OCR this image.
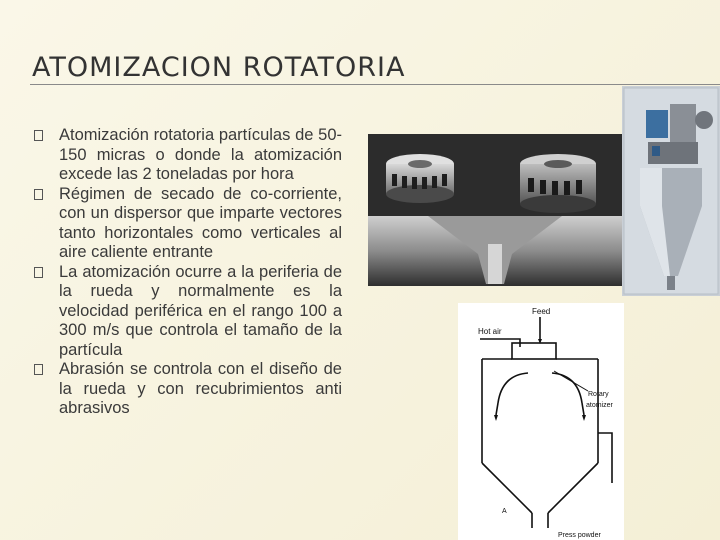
ATOMIZACION ROTATORIA
Atomización rotatoria partículas de 50-150 micras o donde la atomización excede las 2 toneladas por hora
Régimen de secado de co-corriente, con un dispersor que imparte vectores tanto horizontales como verticales al aire caliente entrante
La atomización ocurre a la periferia de la rueda y normalmente es la velocidad periférica en el rango 100 a 300 m/s que controla el tamaño de la partícula
Abrasión se controla con el diseño de la rueda y con recubrimientos anti abrasivos
Feed
Hot air
Rotary
atomizer
A
Press powder
